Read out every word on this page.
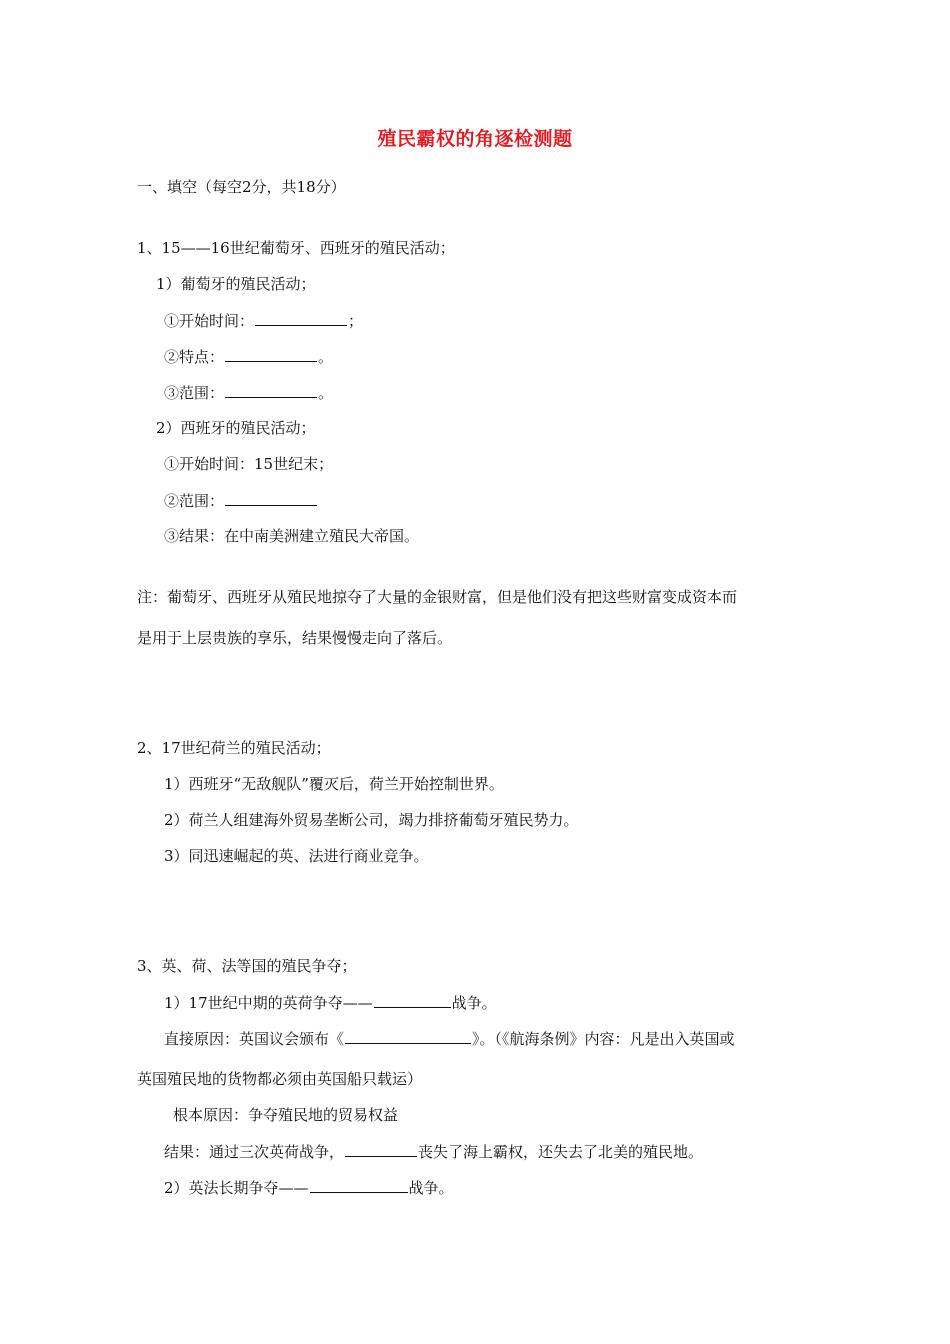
殖民霸权的角逐检测题
一、填空（每空2分，共18分）
1、15——16世纪葡萄牙、西班牙的殖民活动；
1）葡萄牙的殖民活动；
①开始时间：	；
②特点：	。
③范围：	。
2）西班牙的殖民活动；
①开始时间：15世纪末；
②范围：
③结果：在中南美洲建立殖民大帝国。
注：葡萄牙、西班牙从殖民地掠夺了大量的金银财富，但是他们没有把这些财富变成资本而
是用于上层贵族的享乐，结果慢慢走向了落后。
2、17世纪荷兰的殖民活动；
1）西班牙“无敌舰队”覆灭后，荷兰开始控制世界。
2）荷兰人组建海外贸易垄断公司，竭力排挤葡萄牙殖民势力。
3）同迅速崛起的英、法进行商业竞争。
3、英、荷、法等国的殖民争夺；
1）17世纪中期的英荷争夺——	战争。
直接原因：英国议会颁布《	》。（《航海条例》内容：凡是出入英国或
英国殖民地的货物都必须由英国船只载运）
根本原因：争夺殖民地的贸易权益
结果：通过三次英荷战争，	丧失了海上霸权，还失去了北美的殖民地。
2）英法长期争夺——	战争。
